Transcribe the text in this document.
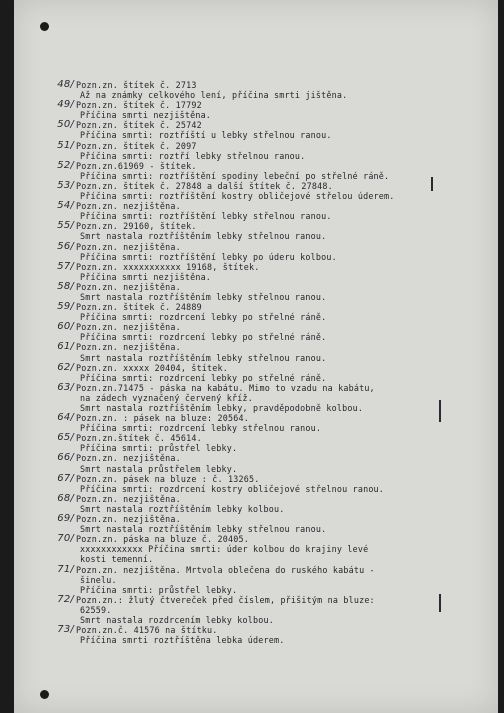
48/ Pozn.zn. štítek č. 2713
Až na známky celkového lení, příčina smrti jištěna.
49/ Pozn.zn. štítek č. 17792
Příčina smrti nezjištěna.
50/ Pozn.zn. štítek č. 25742
Příčina smrti: roztříští u lebky střelnou ranou.
51/ Pozn.zn. štítek č. 2097
Příčina smrti: roztří lebky střelnou ranou.
52/ Pozn.zn.61969 - štítek.
Příčina smrti: roztříštění spodiny lebeční po střelné ráně.
53/ Pozn.zn. štítek č. 27848 a další štítek č. 27848.
Příčina smrti: roztříštění kostry obličejové střelou úderem.
54/ Pozn.zn. nezjištěna.
Příčina smrti: roztříštění lebky střelnou ranou.
55/ Pozn.zn. 29160, štítek.
Smrt nastala roztříštěním lebky střelnou ranou.
56/ Pozn.zn. nezjištěna.
Příčina smrti: roztříštění lebky po úderu kolbou.
57/ Pozn.zn. xxxxxxxxxxx 19168, štítek.
Příčina smrti nezjištěna.
58/ Pozn.zn. nezjištěna.
Smrt nastala roztříštěním lebky střelnou ranou.
59/ Pozn.zn. štítek č. 24889
Příčina smrti: rozdrcení lebky po střelné ráně.
60/ Pozn.zn. nezjištěna.
Příčina smrti: rozdrcení lebky po střelné ráně.
61/ Pozn.zn. nezjištěna.
Smrt nastala roztříštěním lebky střelnou ranou.
62/ Pozn.zn. xxxxx 20404, štítek.
Příčina smrti: rozdrcení lebky po střelné ráně.
63/ Pozn.zn.71475 - páska na kabátu. Mimo to vzadu na kabátu,
na zádech vyznačený červený kříž.
Smrt nastala roztříštěním lebky, pravděpodobně kolbou.
64/ Pozn.zn. : pásek na bluze: 20564.
Příčina smrti: rozdrcení lebky střelnou ranou.
65/ Pozn.zn.štítek č. 45614.
Příčina smrti: průstřel lebky.
66/ Pozn.zn. nezjištěna.
Smrt nastala průstřelem lebky.
67/ Pozn.zn. pásek na bluze : č. 13265.
Příčina smrti: rozdrcení kostry obličejové střelnou ranou.
68/ Pozn.zn. nezjištěna.
Smrt nastala roztříštěním lebky kolbou.
69/ Pozn.zn. nezjištěna.
Smrt nastala roztříštěním lebky střelnou ranou.
70/ Pozn.zn. páska na bluze č. 20405.
xxxxxxxxxxxx Příčina smrti: úder kolbou do krajiny levé
kosti temenní.
71/ Pozn.zn. nezjištěna. Mrtvola oblečena do ruského kabátu -
šinelu.
Příčina smrti: průstřel lebky.
72/ Pozn.zn.: žlutý čtvereček před číslem, přišitým na bluze:
62559.
Smrt nastala rozdrcením lebky kolbou.
73/ Pozn.zn.č. 41576 na štítku.
Příčina smrti roztříštěna lebka úderem.
